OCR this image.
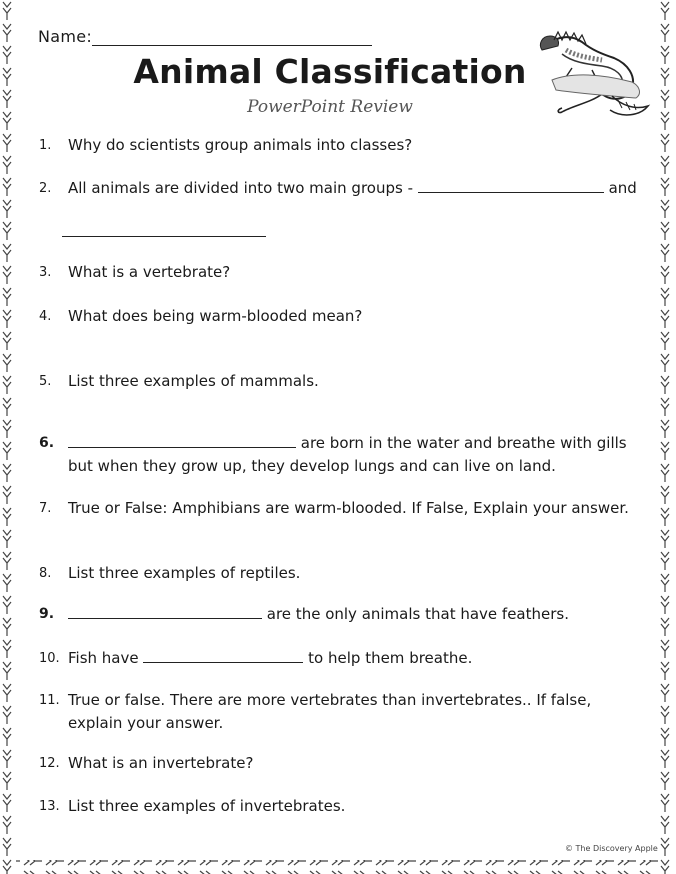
Name:
Animal Classification
PowerPoint Review
1.	Why do scientists group animals into classes?
2.	All animals are divided into two main groups -	and
3.	What is a vertebrate?
4.	What does being warm-blooded mean?
5.	List three examples of mammals.
6.	are born in the water and breathe with gills
but when they grow up, they develop lungs and can live on land.
7.	True or False: Amphibians are warm-blooded. If False, Explain your answer.
8.	List three examples of reptiles.
9.	are the only animals that have feathers.
10. Fish have	to help them breathe.
11. True or false. There are more vertebrates than invertebrates.. If false,
explain your answer.
12. What is an invertebrate?
13. List three examples of invertebrates.
© The Discovery Apple
